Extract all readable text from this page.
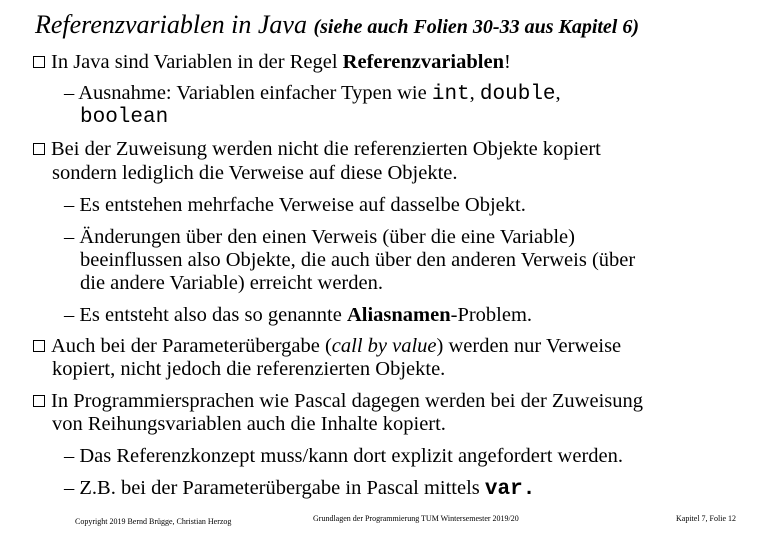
Referenzvariablen in Java (siehe auch Folien 30-33 aus Kapitel 6)
In Java sind Variablen in der Regel Referenzvariablen!
– Ausnahme: Variablen einfacher Typen wie int, double,
boolean
Bei der Zuweisung werden nicht die referenzierten Objekte kopiert
sondern lediglich die Verweise auf diese Objekte.
– Es entstehen mehrfache Verweise auf dasselbe Objekt.
– Änderungen über den einen Verweis (über die eine Variable)
beeinflussen also Objekte, die auch über den anderen Verweis (über
die andere Variable) erreicht werden.
– Es entsteht also das so genannte Aliasnamen-Problem.
Auch bei der Parameterübergabe (call by value) werden nur Verweise
kopiert, nicht jedoch die referenzierten Objekte.
In Programmiersprachen wie Pascal dagegen werden bei der Zuweisung
von Reihungsvariablen auch die Inhalte kopiert.
– Das Referenzkonzept muss/kann dort explizit angefordert werden.
– Z.B. bei der Parameterübergabe in Pascal mittels var.
Copyright 2019 Bernd Brügge, Christian Herzog	Grundlagen der Programmierung TUM Wintersemester 2019/20	Kapitel 7, Folie 12
